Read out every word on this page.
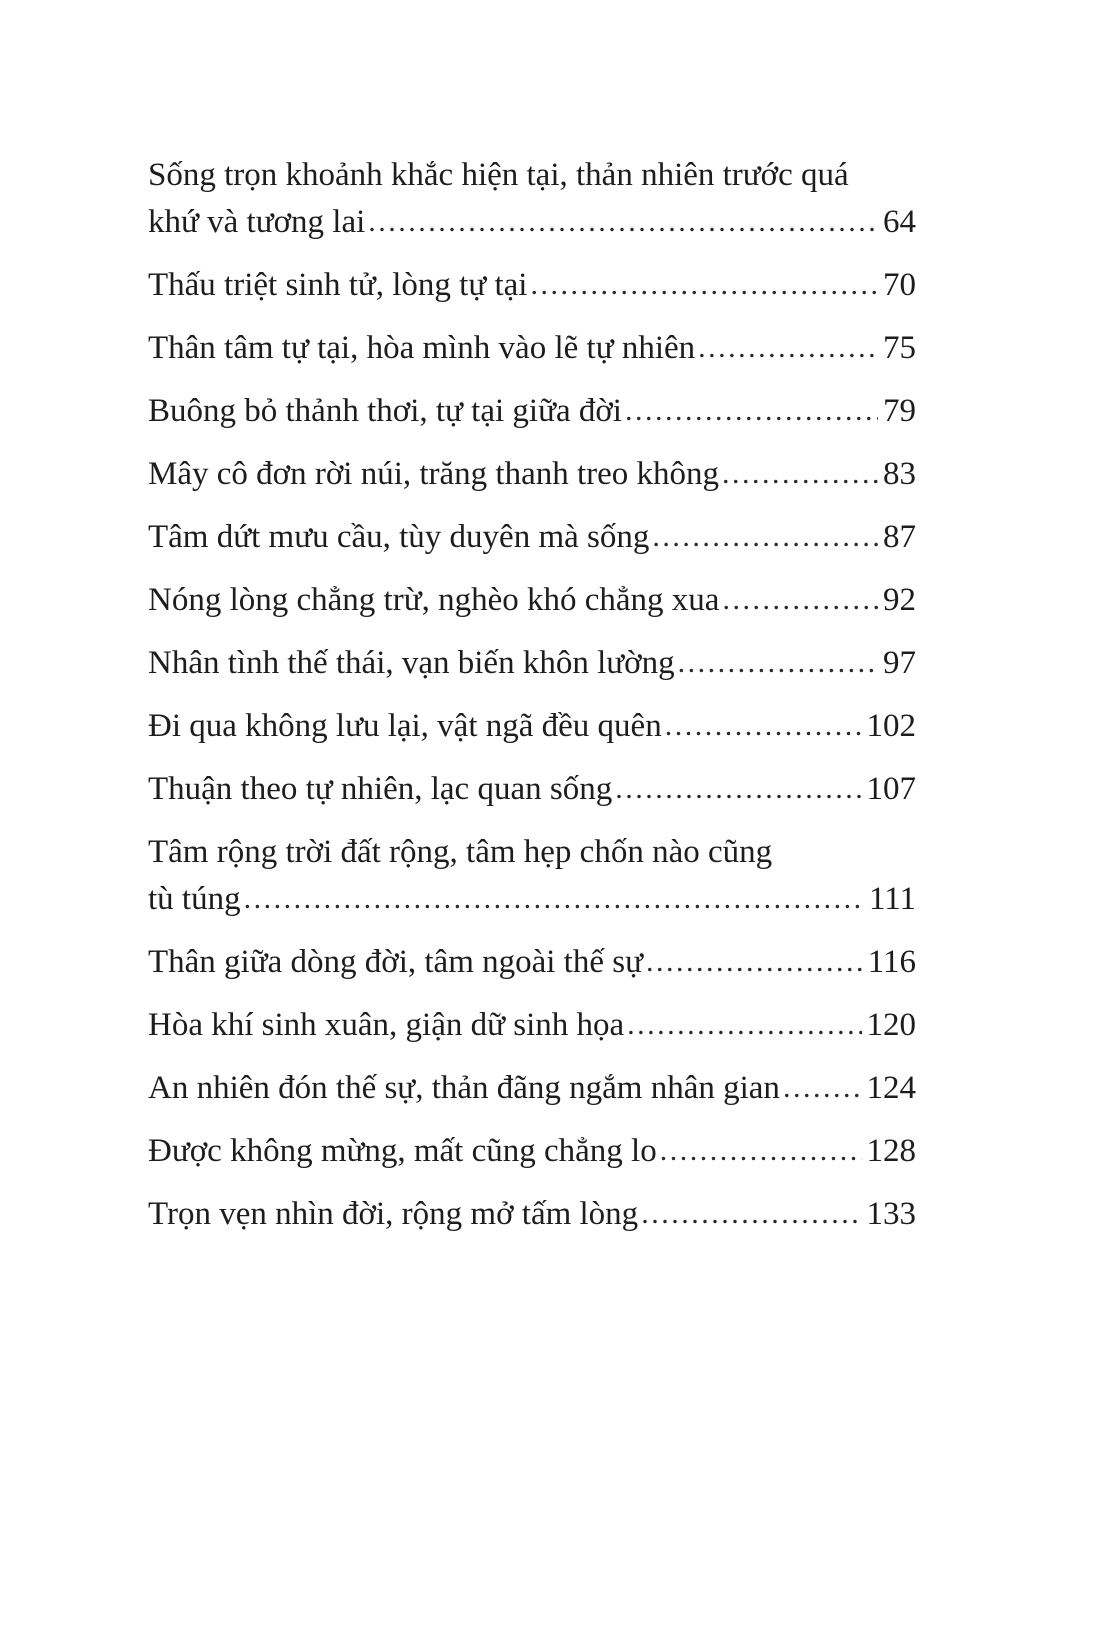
Sống trọn khoảnh khắc hiện tại, thản nhiên trước quá
khứ và tương lai .....	64
Thấu triệt sinh tử, lòng tự tại .....	70
Thân tâm tự tại, hòa mình vào lẽ tự nhiên .....	75
Buông bỏ thảnh thơi, tự tại giữa đời .....	79
Mây cô đơn rời núi, trăng thanh treo không .....	83
Tâm dứt mưu cầu, tùy duyên mà sống .....	87
Nóng lòng chẳng trừ, nghèo khó chẳng xua .....	92
Nhân tình thế thái, vạn biến khôn lường .....	97
Đi qua không lưu lại, vật ngã đều quên .....	102
Thuận theo tự nhiên, lạc quan sống .....	107
Tâm rộng trời đất rộng, tâm hẹp chốn nào cũng
tù túng .....	111
Thân giữa dòng đời, tâm ngoài thế sự .....	116
Hòa khí sinh xuân, giận dữ sinh họa .....	120
An nhiên đón thế sự, thản đãng ngắm nhân gian .....	124
Được không mừng, mất cũng chẳng lo .....	128
Trọn vẹn nhìn đời, rộng mở tấm lòng .....	133
